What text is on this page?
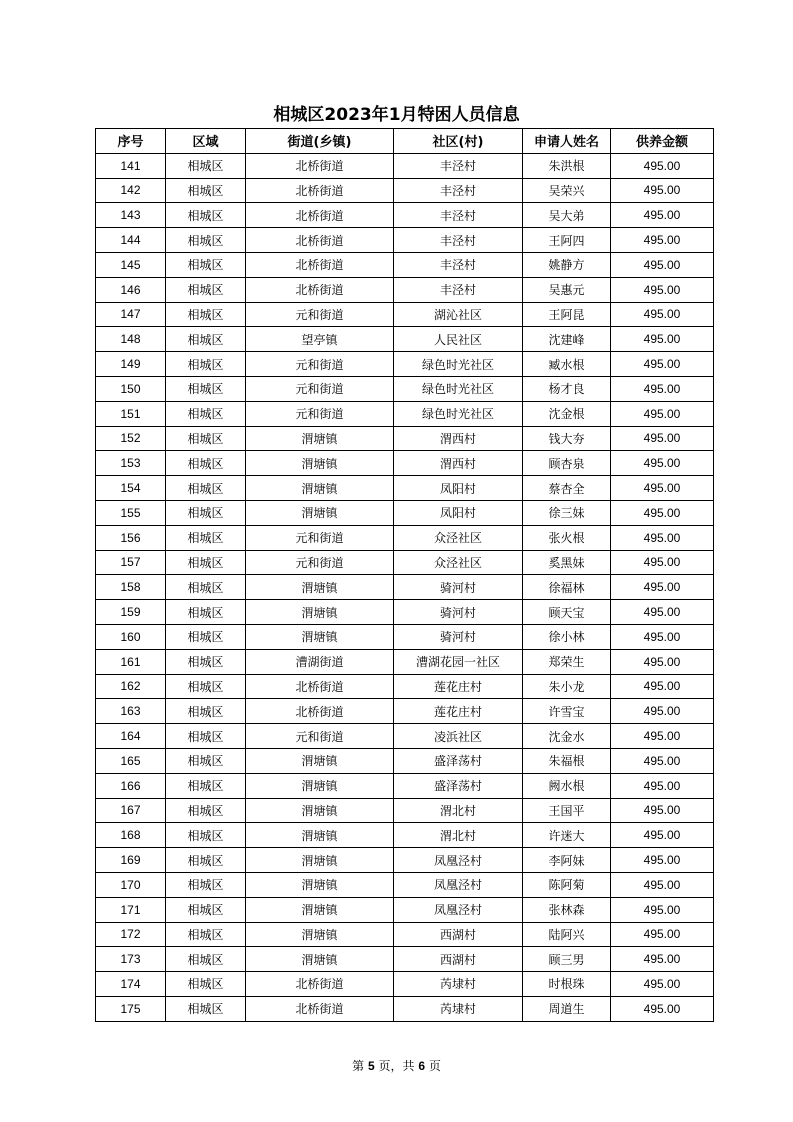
相城区2023年1月特困人员信息
序号	区域	街道(乡镇)	社区(村)	申请人姓名	供养金额
141	相城区	北桥街道	丰泾村	朱洪根	495.00
142	相城区	北桥街道	丰泾村	吴荣兴	495.00
143	相城区	北桥街道	丰泾村	吴大弟	495.00
144	相城区	北桥街道	丰泾村	王阿四	495.00
145	相城区	北桥街道	丰泾村	姚静方	495.00
146	相城区	北桥街道	丰泾村	吴惠元	495.00
147	相城区	元和街道	湖沁社区	王阿昆	495.00
148	相城区	望亭镇	人民社区	沈建峰	495.00
149	相城区	元和街道	绿色时光社区	臧水根	495.00
150	相城区	元和街道	绿色时光社区	杨才良	495.00
151	相城区	元和街道	绿色时光社区	沈金根	495.00
152	相城区	渭塘镇	渭西村	钱大夯	495.00
153	相城区	渭塘镇	渭西村	顾杏泉	495.00
154	相城区	渭塘镇	凤阳村	蔡杏全	495.00
155	相城区	渭塘镇	凤阳村	徐三妹	495.00
156	相城区	元和街道	众泾社区	张火根	495.00
157	相城区	元和街道	众泾社区	奚黑妹	495.00
158	相城区	渭塘镇	骑河村	徐福林	495.00
159	相城区	渭塘镇	骑河村	顾天宝	495.00
160	相城区	渭塘镇	骑河村	徐小林	495.00
161	相城区	漕湖街道	漕湖花园一社区	郑荣生	495.00
162	相城区	北桥街道	莲花庄村	朱小龙	495.00
163	相城区	北桥街道	莲花庄村	许雪宝	495.00
164	相城区	元和街道	凌浜社区	沈金水	495.00
165	相城区	渭塘镇	盛泽荡村	朱福根	495.00
166	相城区	渭塘镇	盛泽荡村	阙水根	495.00
167	相城区	渭塘镇	渭北村	王国平	495.00
168	相城区	渭塘镇	渭北村	许迷大	495.00
169	相城区	渭塘镇	凤凰泾村	李阿妹	495.00
170	相城区	渭塘镇	凤凰泾村	陈阿菊	495.00
171	相城区	渭塘镇	凤凰泾村	张林森	495.00
172	相城区	渭塘镇	西湖村	陆阿兴	495.00
173	相城区	渭塘镇	西湖村	顾三男	495.00
174	相城区	北桥街道	芮埭村	时根珠	495.00
175	相城区	北桥街道	芮埭村	周道生	495.00
第 5 页，共 6 页
